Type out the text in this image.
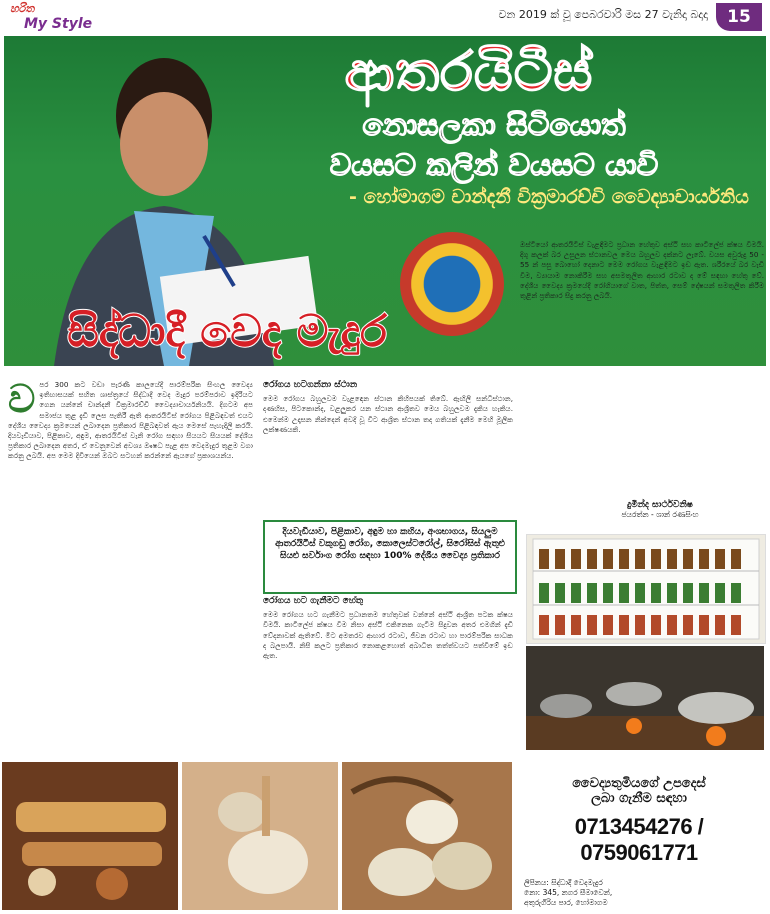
හරිත
My Style
වන 2019 ක් වූ පෙබරවාරි මස 27 වැනිදා බදාදා	15
ආතරයිටීස්
නොසලකා සිටියොත්
වයසට කලින් වයසට යාවි
- හෝමාගම චාන්දනී වික්‍රමාරච්චි වෛද්‍යාචාර්යනිය
සිද්ධාදී වෙද මැදුර
ව පර 300 කට වඩා පැරණි කාලයේදී පාරම්පරික සිංහල වෛද්‍ය ඉතිහාසයක් සහිත ශාස්ත්‍රයේ සිද්ධාදී වෙද මැදුර පරම්පරාව ඉදිරියට ගෙන යන්නේ චාන්දනී වික්‍රමාරච්චි වෛද්‍යාචාර්යනියයි. දිගටම අප සමාජය තුළ දැඩි ලෙස පැතිරී ඇති ආතරයිටීස් රෝගය පිළිබඳවත් එයට දේශීය වෛද්‍ය ක්‍රමයෙන් ලබාදෙන ප්‍රතිකාර පිළිබඳවත් ඇය මෙසේ පැහැදිලි කරයි. දියවැඩියාව, පිළිකාව, අඳුම, ආතරයිටීස් වැනි රෝග සඳහා සියයට සියයක් දේශීය ප්‍රතිකාර ලබාදෙන අතර, ඒ වෙනුවෙන් අවශ්‍ය ඖෂධ පැළ අප වෙදමැදුර තුළම වගා කරනු ලබයි. අප මෙම දිවියෙන් ඔබට සටහන් කරන්නේ ඇයගේ ප්‍රකාශයන්ය.
රෝගය හටගන්නා ස්ථාන
මෙම රෝගය බහුලවම වැළඳෙන ස්ථාන කිහිපයක් තිබේ. ඇඟිලි සන්ධිස්ථාන, දණහිස, පිටකොන්ද, වළලුකර යන ස්ථාන ආශ්‍රිතව මෙය බහුලවම දැකිය හැකිය. එමෙන්ම උදෑසන නින්දෙන් අවදි වූ විට ආශ්‍රිත ස්ථාන තද ගතියක් දැනීම මෙහි මූලික ලක්ෂණයකි.
ඔස්ටියෝ ආතරයිටීස් වැළඳීමට ප්‍රධාන හේතුව අස්ථි සහ කාටිලේජ ක්ෂය වීමයි. දිගු කලක් බර උසුලන ස්ථානවල මෙය බහුලව දක්නට ලැබේ. වයස අවුරුදු 50 - 55 න් පසු බොහෝ දෙනාට මෙම රෝගය වැළඳීමට ඉඩ ඇත. ශරීරයේ බර වැඩි වීම, ව්‍යායාම නොකිරීම සහ අසමතුලිත ආහාර රටාව ද මේ සඳහා හේතු වේ. දේශීය වෛද්‍ය ක්‍රමයේදී රෝගියාගේ වාත, පිත්ත, සෙම් දෝෂයන් සමතුලිත කිරීම තුළින් ප්‍රතිකාර සිදු කරනු ලබයි.
දියවැඩියාව, පිළිකාව, අඳුම හා කහිය, අංශභාගය, සියලුම ආතරයිටීස් වකුගඩු රෝග, කොලෙස්ටරෝල්, සිරෝසිස් ඇතුළු සියළු සර්වාංග රෝග සඳහා 100% දේශීය වෛද්‍ය ප්‍රතිකාර
රෝගය හට ගැනීමට හේතු
මෙම රෝගය හට ගැනීමට ප්‍රධානතම හේතුවක් වන්නේ අස්ථි ආශ්‍රිත පටක ක්ෂය වීමයි. කාටිලේජ ක්ෂය වීම නිසා අස්ථි එකිනෙක ගැටීම සිදුවන අතර එමගින් දැඩි වේදනාවක් ඇතිවේ. මීට අමතරව ආහාර රටාව, ජීවන රටාව හා පාරම්පරික සාධක ද බලපායි. නිසි කලට ප්‍රතිකාර නොකළහොත් අබාධිත තත්ත්වයට පත්වීමේ ඉඩ ඇත.
දුමින්ද සාර්ථවනිෂ
ජයරත්න - ශාන් රණසිංහ
වෛද්‍යතුමියගේ උපදෙස්
ලබා ගැනීම සඳහා
0713454276 / 0759061771
ලිපිනය: සිද්ධාදී වෙදමැදුර
නො: 345, නගර සීමාවෙන්,
අතුරුගිරිය පාර, හෝමාගම
